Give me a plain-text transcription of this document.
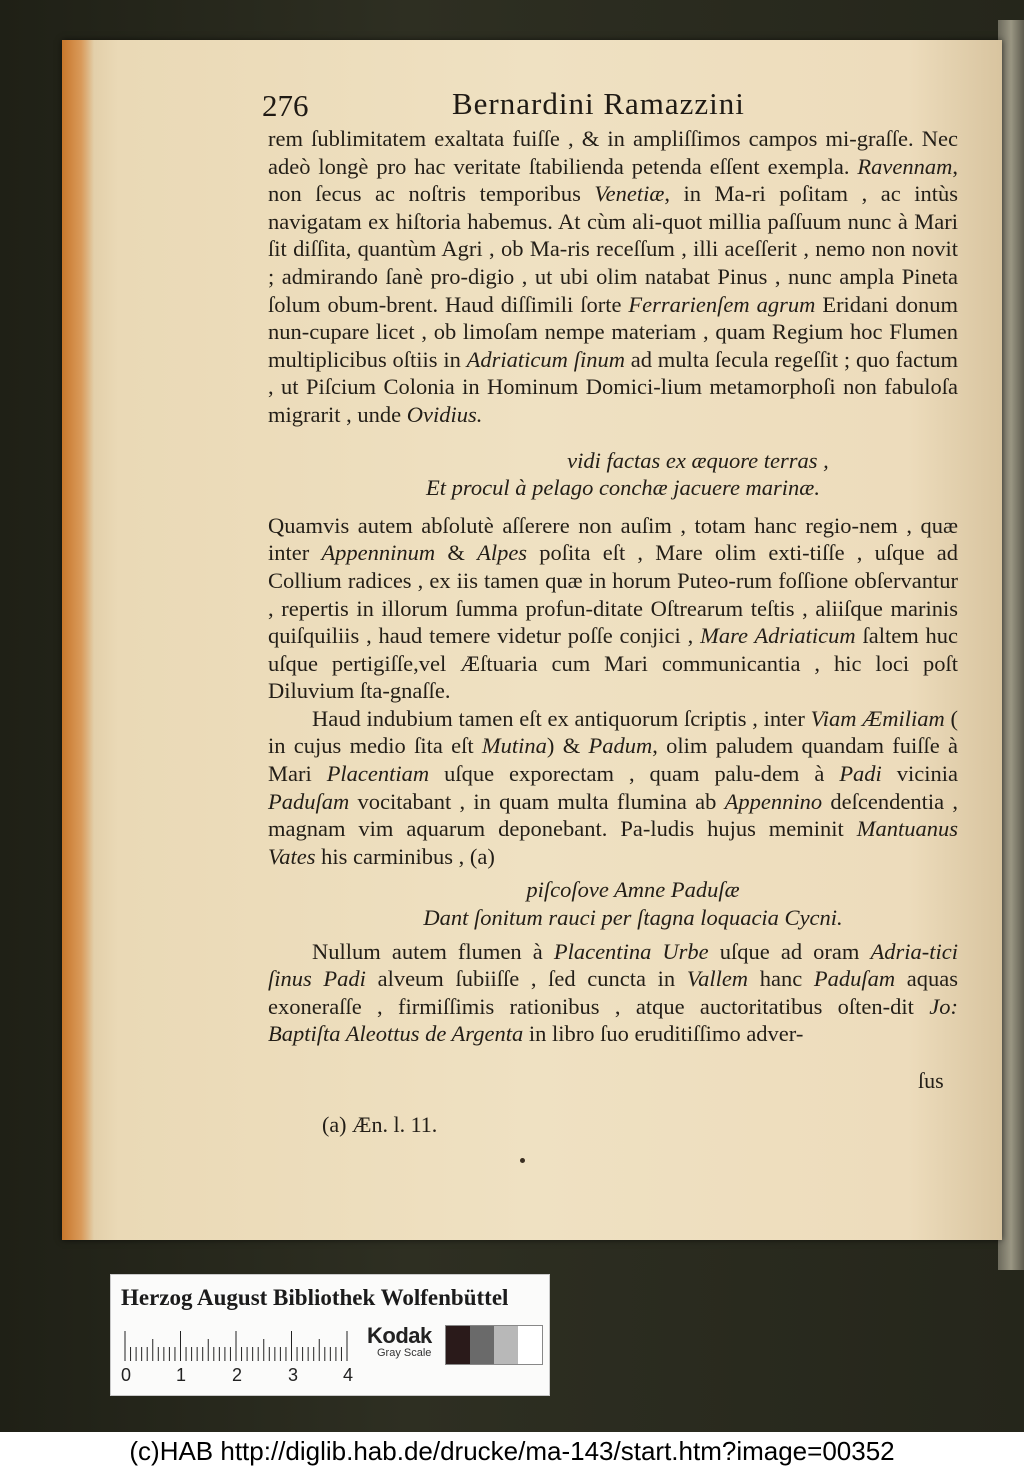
276	Bernardini Ramazzini

rem ſublimitatem exaltata fuiſſe , & in ampliſſimos campos mi-graſſe. Nec adeò longè pro hac veritate ſtabilienda petenda eſſent exempla. Ravennam, non ſecus ac noſtris temporibus Venetiæ, in Ma-ri poſitam , ac intùs navigatam ex hiſtoria habemus. At cùm ali-quot millia paſſuum nunc à Mari ſit diſſita, quantùm Agri , ob Ma-ris receſſum , illi aceſſerit , nemo non novit ; admirando ſanè pro-digio , ut ubi olim natabat Pinus , nunc ampla Pineta ſolum obum-brent. Haud diſſimili ſorte Ferrarienſem agrum Eridani donum nun-cupare licet , ob limoſam nempe materiam , quam Regium hoc Flumen multiplicibus oſtiis in Adriaticum ſinum ad multa ſecula regeſſit ; quo factum , ut Piſcium Colonia in Hominum Domici-lium metamorphoſi non fabuloſa migrarit , unde Ovidius.

vidi factas ex æquore terras ,

Et procul à pelago conchæ jacuere marinæ.

Quamvis autem abſolutè aſſerere non auſim , totam hanc regio-nem , quæ inter Appenninum & Alpes poſita eſt , Mare olim exti-tiſſe , uſque ad Collium radices , ex iis tamen quæ in horum Puteo-rum foſſione obſervantur , repertis in illorum ſumma profun-ditate Oſtrearum teſtis , aliiſque marinis quiſquiliis , haud temere videtur poſſe conjici , Mare Adriaticum ſaltem huc uſque pertigiſſe,vel Æſtuaria cum Mari communicantia , hic loci poſt Diluvium ſta-gnaſſe.

Haud indubium tamen eſt ex antiquorum ſcriptis , inter Viam Æmiliam ( in cujus medio ſita eſt Mutina) & Padum, olim paludem quandam fuiſſe à Mari Placentiam uſque exporectam , quam palu-dem à Padi vicinia Paduſam vocitabant , in quam multa flumina ab Appennino deſcendentia , magnam vim aquarum deponebant. Pa-ludis hujus meminit Mantuanus Vates his carminibus , (a)

piſcoſove Amne Paduſæ

Dant ſonitum rauci per ſtagna loquacia Cycni.

Nullum autem flumen à Placentina Urbe uſque ad oram Adria-tici ſinus Padi alveum ſubiiſſe , ſed cuncta in Vallem hanc Paduſam aquas exoneraſſe , firmiſſimis rationibus , atque auctoritatibus oſten-dit Jo: Baptiſta Aleottus de Argenta in libro ſuo eruditiſſimo adver-

ſus
(a) Æn. l. 11.
Herzog August Bibliothek Wolfenbüttel
0 1	2	3 4
Kodak
Gray Scale
(c)HAB http://diglib.hab.de/drucke/ma-143/start.htm?image=00352
